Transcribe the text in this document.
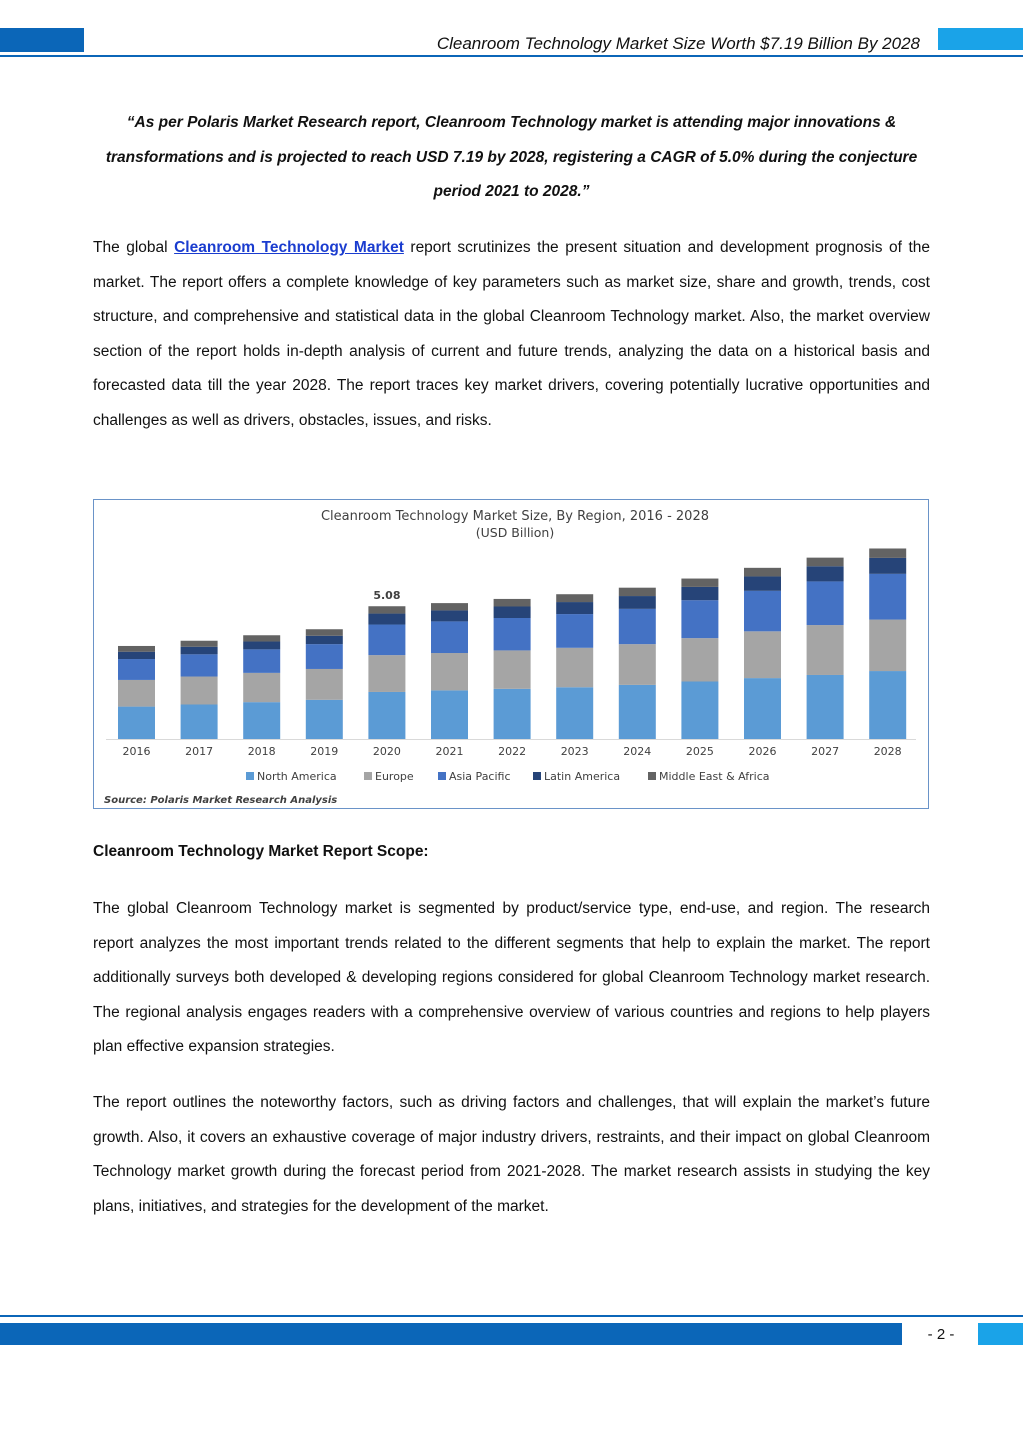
Cleanroom Technology Market Size Worth $7.19 Billion By 2028
“As per Polaris Market Research report, Cleanroom Technology market is attending major innovations & transformations and is projected to reach USD 7.19 by 2028, registering a CAGR of 5.0% during the conjecture period 2021 to 2028.”
The global Cleanroom Technology Market report scrutinizes the present situation and development prognosis of the market. The report offers a complete knowledge of key parameters such as market size, share and growth, trends, cost structure, and comprehensive and statistical data in the global Cleanroom Technology market. Also, the market overview section of the report holds in-depth analysis of current and future trends, analyzing the data on a historical basis and forecasted data till the year 2028. The report traces key market drivers, covering potentially lucrative opportunities and challenges as well as drivers, obstacles, issues, and risks.
Cleanroom Technology Market Size, By Region, 2016 - 2028
(USD Billion)
2016	2017	2018	2019	2020
5.08
2021	2022	2023	2024	2025	2026	2027	2028
North America	Europe	Asia Pacific	Latin America	Middle East & Africa
Source: Polaris Market Research Analysis
Cleanroom Technology Market Report Scope:
The global Cleanroom Technology market is segmented by product/service type, end-use, and region. The research report analyzes the most important trends related to the different segments that help to explain the market. The report additionally surveys both developed & developing regions considered for global Cleanroom Technology market research. The regional analysis engages readers with a comprehensive overview of various countries and regions to help players plan effective expansion strategies.
The report outlines the noteworthy factors, such as driving factors and challenges, that will explain the market’s future growth. Also, it covers an exhaustive coverage of major industry drivers, restraints, and their impact on global Cleanroom Technology market growth during the forecast period from 2021-2028. The market research assists in studying the key plans, initiatives, and strategies for the development of the market.
- 2 -
